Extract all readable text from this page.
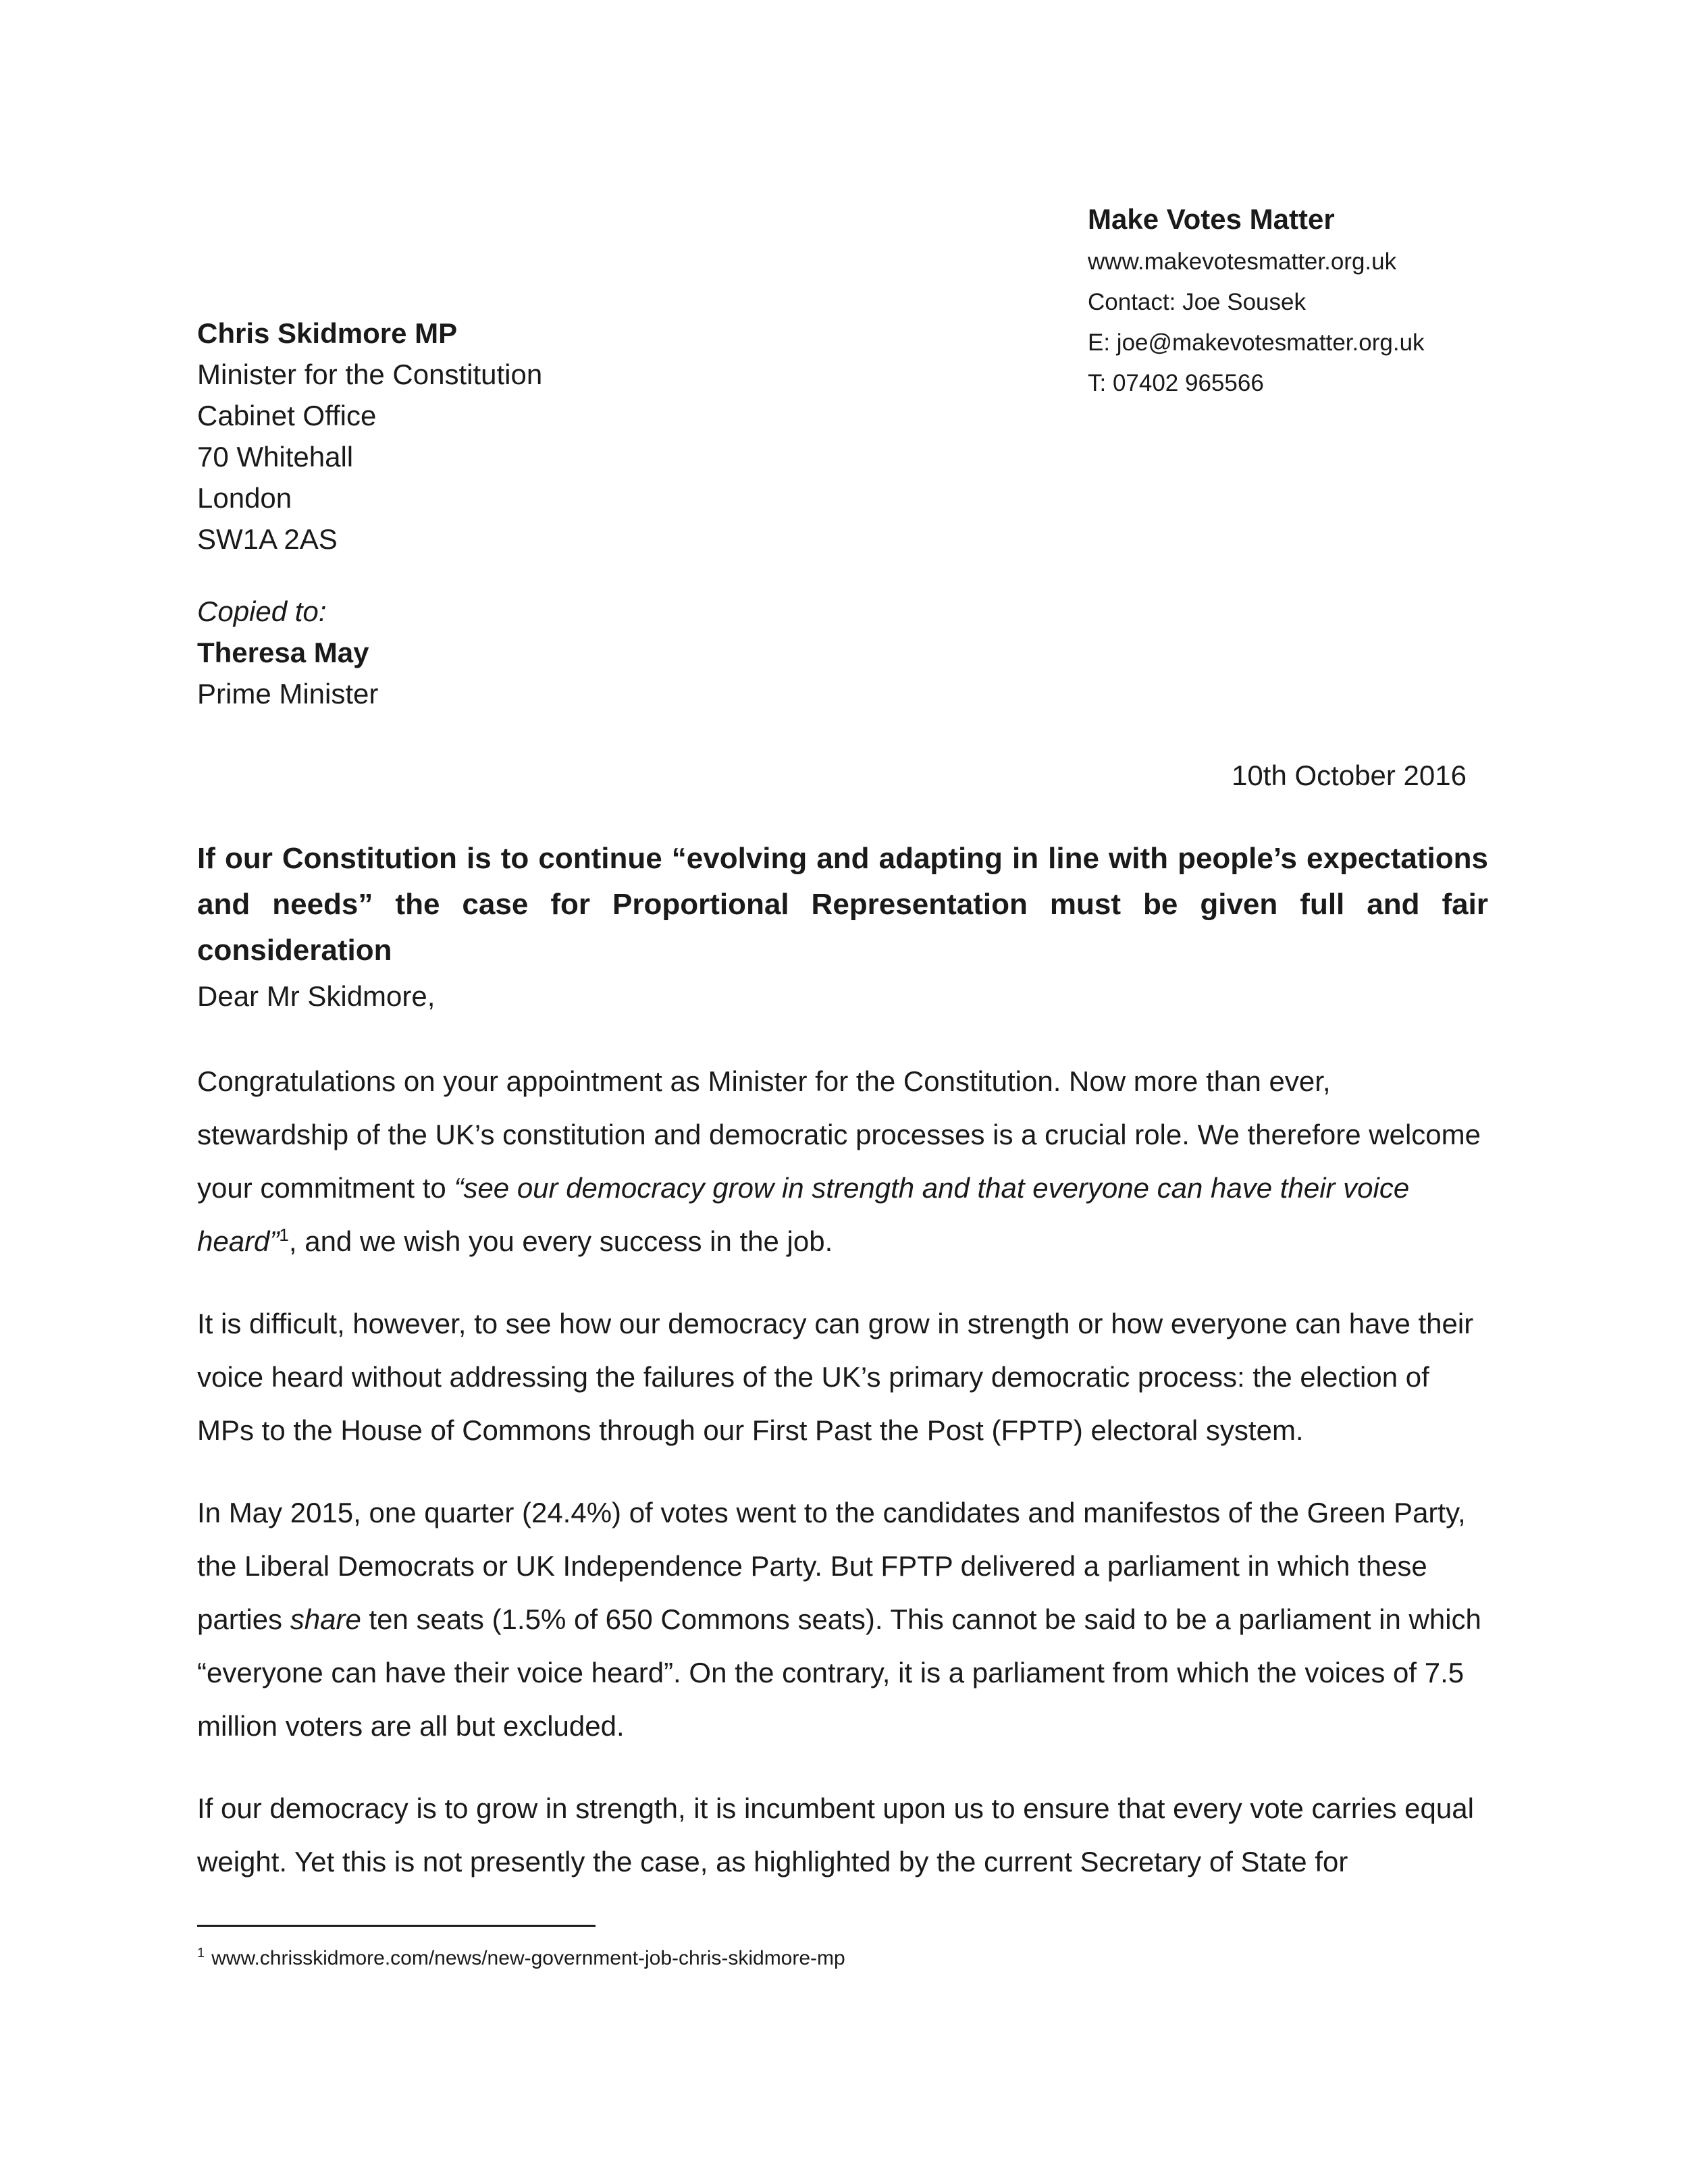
Make Votes Matter
www.makevotesmatter.org.uk
Contact: Joe Sousek
E: joe@makevotesmatter.org.uk
T: 07402 965566
Chris Skidmore MP
Minister for the Constitution
Cabinet Office
70 Whitehall
London
SW1A 2AS
Copied to:
Theresa May
Prime Minister
10th October 2016
If our Constitution is to continue “evolving and adapting in line with people’s expectations and needs” the case for Proportional Representation must be given full and fair consideration
Dear Mr Skidmore,

Congratulations on your appointment as Minister for the Constitution. Now more than ever, stewardship of the UK’s constitution and democratic processes is a crucial role. We therefore welcome your commitment to “see our democracy grow in strength and that everyone can have their voice heard”$^1$, and we wish you every success in the job.

It is difficult, however, to see how our democracy can grow in strength or how everyone can have their voice heard without addressing the failures of the UK’s primary democratic process: the election of MPs to the House of Commons through our First Past the Post (FPTP) electoral system.

In May 2015, one quarter (24.4%) of votes went to the candidates and manifestos of the Green Party, the Liberal Democrats or UK Independence Party. But FPTP delivered a parliament in which these parties share ten seats (1.5% of 650 Commons seats). This cannot be said to be a parliament in which “everyone can have their voice heard”. On the contrary, it is a parliament from which the voices of 7.5 million voters are all but excluded.

If our democracy is to grow in strength, it is incumbent upon us to ensure that every vote carries equal weight. Yet this is not presently the case, as highlighted by the current Secretary of State for

$^1$ www.chrisskidmore.com/news/new-government-job-chris-skidmore-mp
